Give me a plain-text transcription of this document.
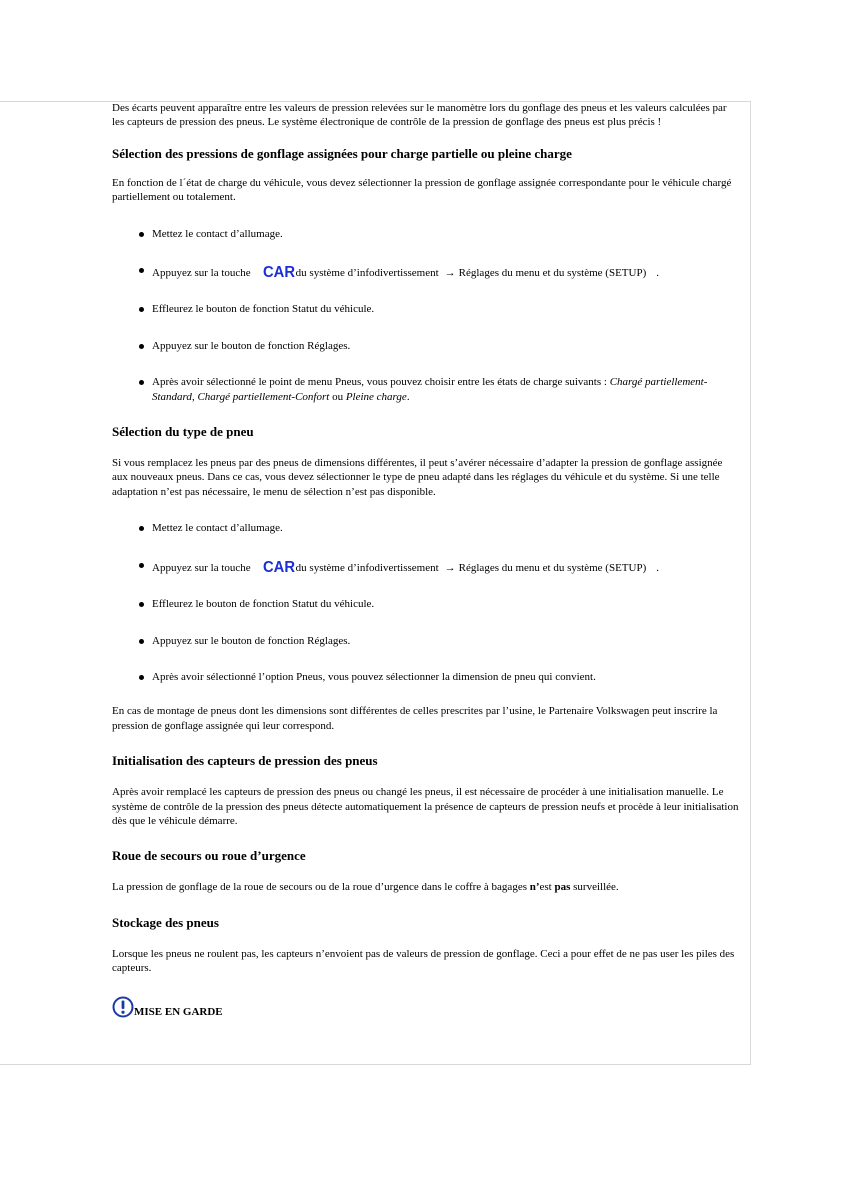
Des écarts peuvent apparaître entre les valeurs de pression relevées sur le manomètre lors du gonflage des pneus et les valeurs calculées par les capteurs de pression des pneus. Le système électronique de contrôle de la pression de gonflage des pneus est plus précis !

Sélection des pressions de gonflage assignées pour charge partielle ou pleine charge

En fonction de l´état de charge du véhicule, vous devez sélectionner la pression de gonflage assignée correspondante pour le véhicule chargé partiellement ou totalement.

Mettez le contact d’allumage.
Appuyez sur la touche CAR du système d’infodivertissement → Réglages du menu et du système (SETUP) .
Effleurez le bouton de fonction Statut du véhicule.
Appuyez sur le bouton de fonction Réglages.
Après avoir sélectionné le point de menu Pneus, vous pouvez choisir entre les états de charge suivants : Chargé partiellement-Standard, Chargé partiellement-Confort ou Pleine charge.
Sélection du type de pneu

Si vous remplacez les pneus par des pneus de dimensions différentes, il peut s’avérer nécessaire d’adapter la pression de gonflage assignée aux nouveaux pneus. Dans ce cas, vous devez sélectionner le type de pneu adapté dans les réglages du véhicule et du système. Si une telle adaptation n’est pas nécessaire, le menu de sélection n’est pas disponible.

Mettez le contact d’allumage.
Appuyez sur la touche CAR du système d’infodivertissement → Réglages du menu et du système (SETUP) .
Effleurez le bouton de fonction Statut du véhicule.
Appuyez sur le bouton de fonction Réglages.
Après avoir sélectionné l’option Pneus, vous pouvez sélectionner la dimension de pneu qui convient.

En cas de montage de pneus dont les dimensions sont différentes de celles prescrites par l’usine, le Partenaire Volkswagen peut inscrire la pression de gonflage assignée qui leur correspond.

Initialisation des capteurs de pression des pneus

Après avoir remplacé les capteurs de pression des pneus ou changé les pneus, il est nécessaire de procéder à une initialisation manuelle. Le système de contrôle de la pression des pneus détecte automatiquement la présence de capteurs de pression neufs et procède à leur initialisation dès que le véhicule démarre.

Roue de secours ou roue d’urgence

La pression de gonflage de la roue de secours ou de la roue d’urgence dans le coffre à bagages n’est pas surveillée.

Stockage des pneus

Lorsque les pneus ne roulent pas, les capteurs n’envoient pas de valeurs de pression de gonflage. Ceci a pour effet de ne pas user les piles des capteurs.

MISE EN GARDE
